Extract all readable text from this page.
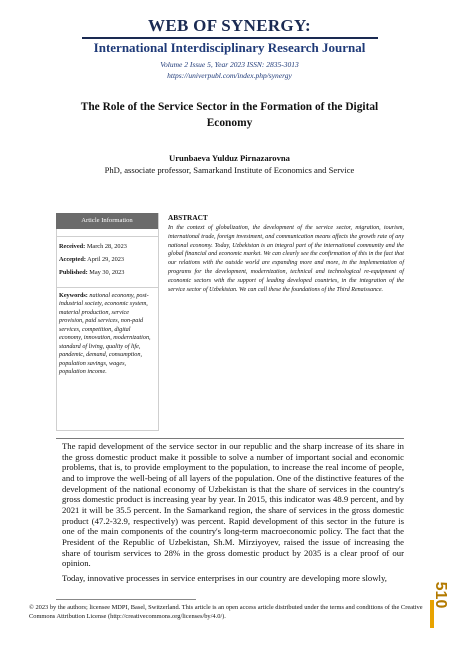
WEB OF SYNERGY:
International Interdisciplinary Research Journal
Volume 2 Issue 5, Year 2023 ISSN: 2835-3013
https://univerpubl.com/index.php/synergy
The Role of the Service Sector in the Formation of the Digital Economy
Urunbaeva Yulduz Pirnazarovna
PhD, associate professor, Samarkand Institute of Economics and Service
Article Information
Received: March 28, 2023
Accepted: April 29, 2023
Published: May 30, 2023
Keywords: national economy, post-industrial society, economic system, material production, service provision, paid services, non-paid services, competition, digital economy, innovation, modernization, standard of living, quality of life, pandemic, demand, consumption, population savings, wages, population income.
ABSTRACT
In the context of globalization, the development of the service sector, migration, tourism, international trade, foreign investment, and communication means affects the growth rate of any national economy. Today, Uzbekistan is an integral part of the international community and the global financial and economic market. We can clearly see the confirmation of this in the fact that our relations with the outside world are expanding more and more, in the implementation of programs for the development, modernization, technical and technological re-equipment of economic sectors with the support of leading developed countries, in the integration of the service sector of Uzbekistan. We can call these the foundations of the Third Renaissance.
The rapid development of the service sector in our republic and the sharp increase of its share in the gross domestic product make it possible to solve a number of important social and economic problems, that is, to provide employment to the population, to increase the real income of people, and to improve the well-being of all layers of the population. One of the distinctive features of the development of the national economy of Uzbekistan is that the share of services in the country's gross domestic product is increasing year by year. In 2015, this indicator was 48.9 percent, and by 2021 it will be 35.5 percent. In the Samarkand region, the share of services in the gross domestic product (47.2-32.9, respectively) was percent. Rapid development of this sector in the future is one of the main components of the country's long-term macroeconomic policy. The fact that the President of the Republic of Uzbekistan, Sh.M. Mirziyoyev, raised the issue of increasing the share of tourism services to 28% in the gross domestic product by 2035 is a clear proof of our opinion.
Today, innovative processes in service enterprises in our country are developing more slowly,
© 2023 by the authors; licensee MDPI, Basel, Switzerland. This article is an open access article distributed under the terms and conditions of the Creative Commons Attribution License (http://creativecommons.org/licenses/by/4.0/).
510
